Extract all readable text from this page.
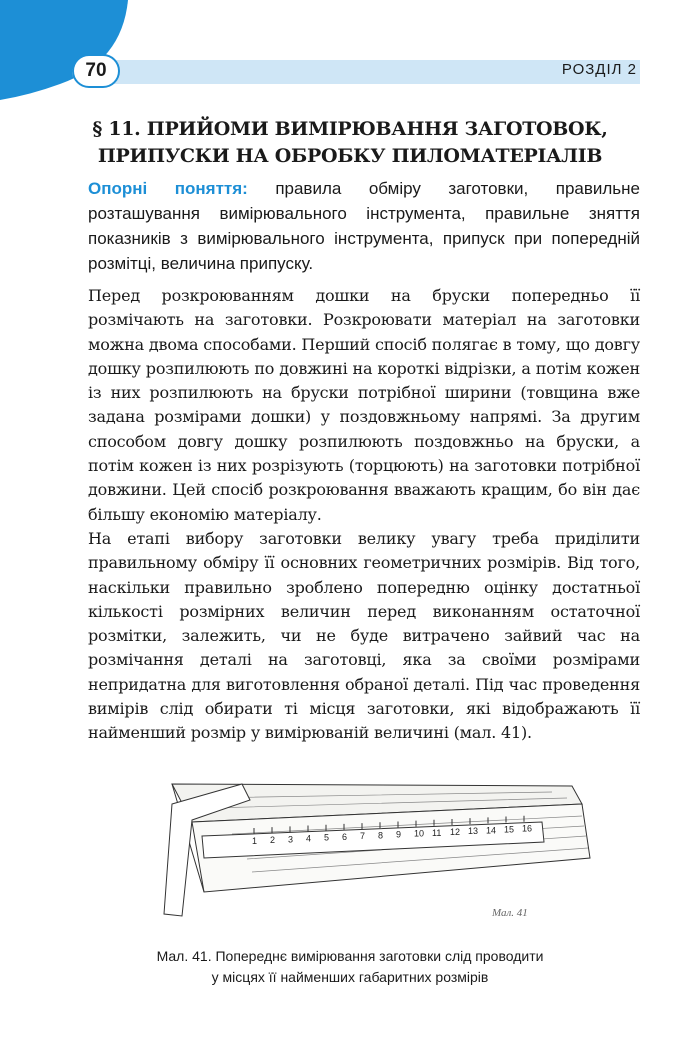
70	РОЗДІЛ 2
§ 11. ПРИЙОМИ ВИМІРЮВАННЯ ЗАГОТОВОК,
ПРИПУСКИ НА ОБРОБКУ ПИЛОМАТЕРІАЛІВ
Опорні поняття: правила обміру заготовки, правильне розташування вимірювального інструмента, правильне зняття показників з вимірювального інструмента, припуск при попередній розмітці, величина припуску.

Перед розкроюванням дошки на бруски попередньо її розмічають на заготовки. Розкроювати матеріал на заготовки можна двома способами. Перший спосіб полягає в тому, що довгу дошку розпилюють по довжині на короткі відрізки, а потім кожен із них розпилюють на бруски потрібної ширини (товщина вже задана розмірами дошки) у поздовжньому напрямі. За другим способом довгу дошку розпилюють поздовжньо на бруски, а потім кожен із них розрізують (торцюють) на заготовки потрібної довжини. Цей спосіб розкроювання вважають кращим, бо він дає більшу економію матеріалу.

На етапі вибору заготовки велику увагу треба приділити правильному обміру її основних геометричних розмірів. Від того, наскільки правильно зроблено попередню оцінку достатньої кількості розмірних величин перед виконанням остаточної розмітки, залежить, чи не буде витрачено зайвий час на розмічання деталі на заготовці, яка за своїми розмірами непридатна для виготовлення обраної деталі. Під час проведення вимірів слід обирати ті місця заготовки, які відображають її найменший розмір у вимірюваній величині (мал. 41).

1 2 3 4 5 6 7 8 9 10 11 12 13 14 15 16
Мал. 41
Мал. 41. Попереднє вимірювання заготовки слід проводити
у місцях її найменших габаритних розмірів
